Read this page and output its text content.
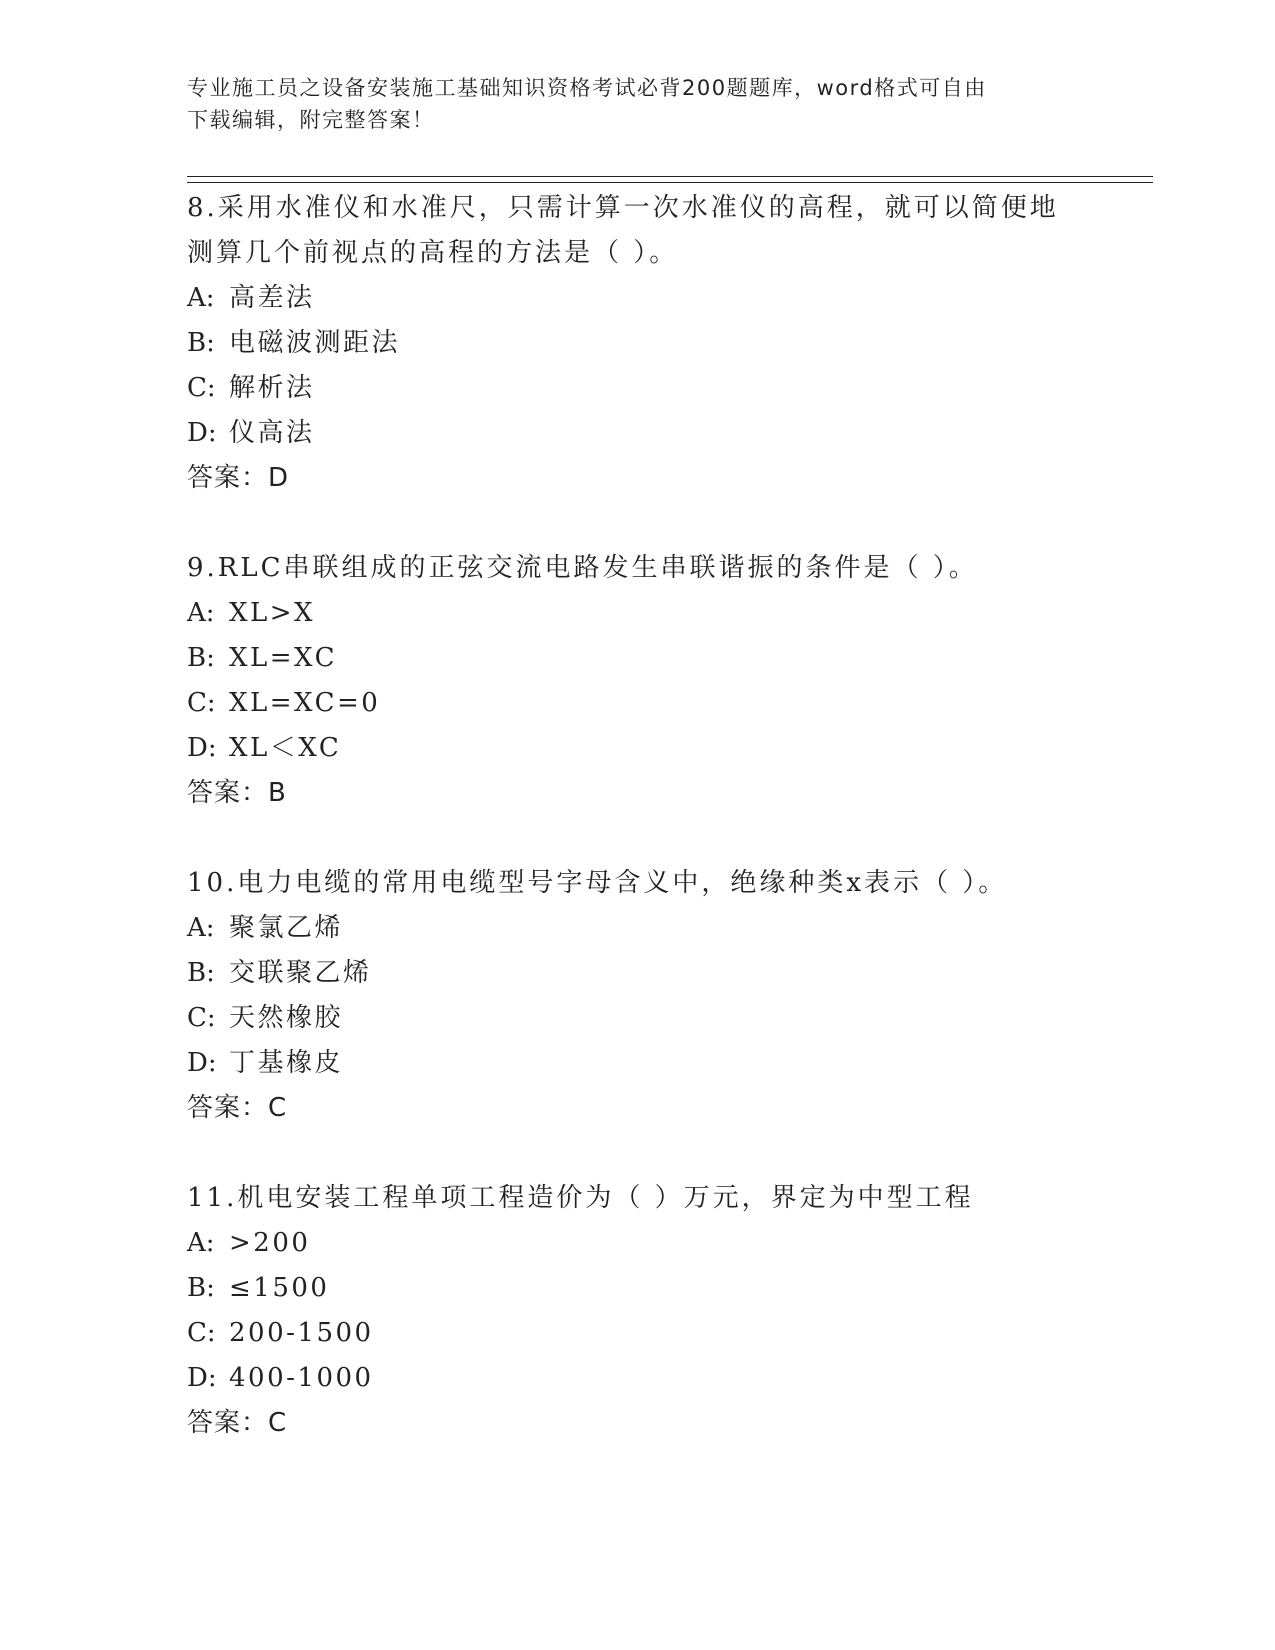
专业施工员之设备安装施工基础知识资格考试必背200题题库，word格式可自由
下载编辑，附完整答案！
8.采用水准仪和水准尺，只需计算一次水准仪的高程，就可以简便地
测算几个前视点的高程的方法是（ ）。
A: 高差法
B: 电磁波测距法
C: 解析法
D: 仪高法
答案：D
9.RLC串联组成的正弦交流电路发生串联谐振的条件是（ ）。
A: XL>X
B: XL=XC
C: XL=XC=0
D: XL＜XC
答案：B
10.电力电缆的常用电缆型号字母含义中，绝缘种类x表示（ ）。
A: 聚氯乙烯
B: 交联聚乙烯
C: 天然橡胶
D: 丁基橡皮
答案：C
11.机电安装工程单项工程造价为（ ）万元，界定为中型工程
A: >200
B: ≤1500
C: 200-1500
D: 400-1000
答案：C
